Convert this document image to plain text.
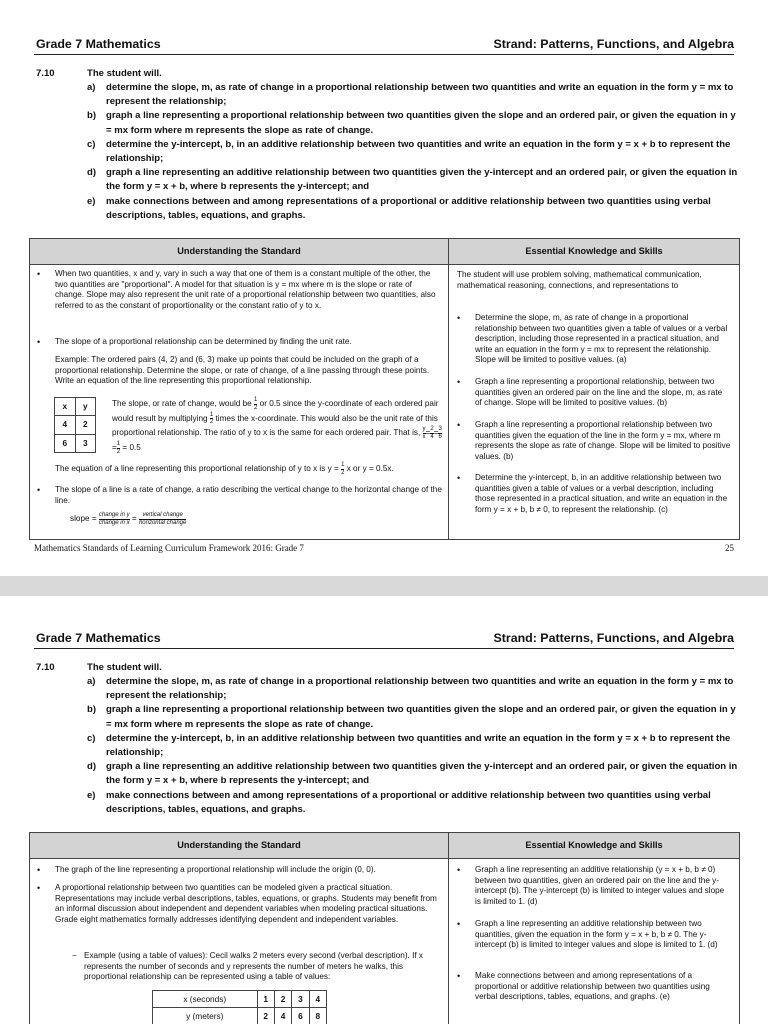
Grade 7 Mathematics	Strand: Patterns, Functions, and Algebra
7.10	The student will.
a) determine the slope, m, as rate of change in a proportional relationship between two quantities and write an equation in the form y = mx to represent the relationship;
b) graph a line representing a proportional relationship between two quantities given the slope and an ordered pair, or given the equation in y = mx form where m represents the slope as rate of change.
c) determine the y-intercept, b, in an additive relationship between two quantities and write an equation in the form y = x + b to represent the relationship;
d) graph a line representing an additive relationship between two quantities given the y-intercept and an ordered pair, or given the equation in the form y = x + b, where b represents the y-intercept; and
e) make connections between and among representations of a proportional or additive relationship between two quantities using verbal descriptions, tables, equations, and graphs.
Understanding the Standard	Essential Knowledge and Skills
• When two quantities, x and y, vary in such a way that one of them is a constant multiple of the other, the two quantities are "proportional". A model for that situation is y = mx where m is the slope or rate of change. Slope may also represent the unit rate of a proportional relationship between two quantities, also referred to as the constant of proportionality or the constant ratio of y to x.
• The slope of a proportional relationship can be determined by finding the unit rate.
Example: The ordered pairs (4, 2) and (6, 3) make up points that could be included on the graph of a proportional relationship. Determine the slope, or rate of change, of a line passing through these points. Write an equation of the line representing this proportional relationship.
x	y
4	2
6	3
The slope, or rate of change, would be $\frac{1}{2}$ or 0.5 since the y-coordinate of each ordered pair would result by multiplying $\frac{1}{2}$ times the x-coordinate. This would also be the unit rate of this proportional relationship. The ratio of y to x is the same for each ordered pair. That is, $\frac{y}{x} = \frac{2}{4} = \frac{3}{6}$
= $\frac{1}{2} = 0.5$
The equation of a line representing this proportional relationship of y to x is $y = \frac{1}{2}$ x or y = 0.5x.
• The slope of a line is a rate of change, a ratio describing the vertical change to the horizontal change of the line.
slope = $\frac{\text{change in y}}{\text{change in x}} = \frac{\text{vertical change}}{\text{horizontal change}}$
The student will use problem solving, mathematical communication, mathematical reasoning, connections, and representations to
• Determine the slope, m, as rate of change in a proportional relationship between two quantities given a table of values or a verbal description, including those represented in a practical situation, and write an equation in the form y = mx to represent the relationship. Slope will be limited to positive values. (a)
• Graph a line representing a proportional relationship, between two quantities given an ordered pair on the line and the slope, m, as rate of change. Slope will be limited to positive values. (b)
• Graph a line representing a proportional relationship between two quantities given the equation of the line in the form y = mx, where m represents the slope as rate of change. Slope will be limited to positive values. (b)
• Determine the y-intercept, b, in an additive relationship between two quantities given a table of values or a verbal description, including those represented in a practical situation, and write an equation in the form y = x + b, b ≠ 0, to represent the relationship. (c)
Mathematics Standards of Learning Curriculum Framework 2016: Grade 7	25
Grade 7 Mathematics	Strand: Patterns, Functions, and Algebra
7.10	The student will.
a) determine the slope, m, as rate of change in a proportional relationship between two quantities and write an equation in the form y = mx to represent the relationship;
b) graph a line representing a proportional relationship between two quantities given the slope and an ordered pair, or given the equation in y = mx form where m represents the slope as rate of change.
c) determine the y-intercept, b, in an additive relationship between two quantities and write an equation in the form y = x + b to represent the relationship;
d) graph a line representing an additive relationship between two quantities given the y-intercept and an ordered pair, or given the equation in the form y = x + b, where b represents the y-intercept; and
e) make connections between and among representations of a proportional or additive relationship between two quantities using verbal descriptions, tables, equations, and graphs.
Understanding the Standard	Essential Knowledge and Skills
• The graph of the line representing a proportional relationship will include the origin (0, 0).
• A proportional relationship between two quantities can be modeled given a practical situation. Representations may include verbal descriptions, tables, equations, or graphs. Students may benefit from an informal discussion about independent and dependent variables when modeling practical situations. Grade eight mathematics formally addresses identifying dependent and independent variables.
− Example (using a table of values): Cecil walks 2 meters every second (verbal description). If x represents the number of seconds and y represents the number of meters he walks, this proportional relationship can be represented using a table of values:
x (seconds)	1	2	3	4
y (meters)	2	4	6	8
• Graph a line representing an additive relationship (y = x + b, b ≠ 0) between two quantities, given an ordered pair on the line and the y-intercept (b). The y-intercept (b) is limited to integer values and slope is limited to 1. (d)
• Graph a line representing an additive relationship between two quantities, given the equation in the form y = x + b, b ≠ 0. The y-intercept (b) is limited to integer values and slope is limited to 1. (d)
• Make connections between and among representations of a proportional or additive relationship between two quantities using verbal descriptions, tables, equations, and graphs. (e)
